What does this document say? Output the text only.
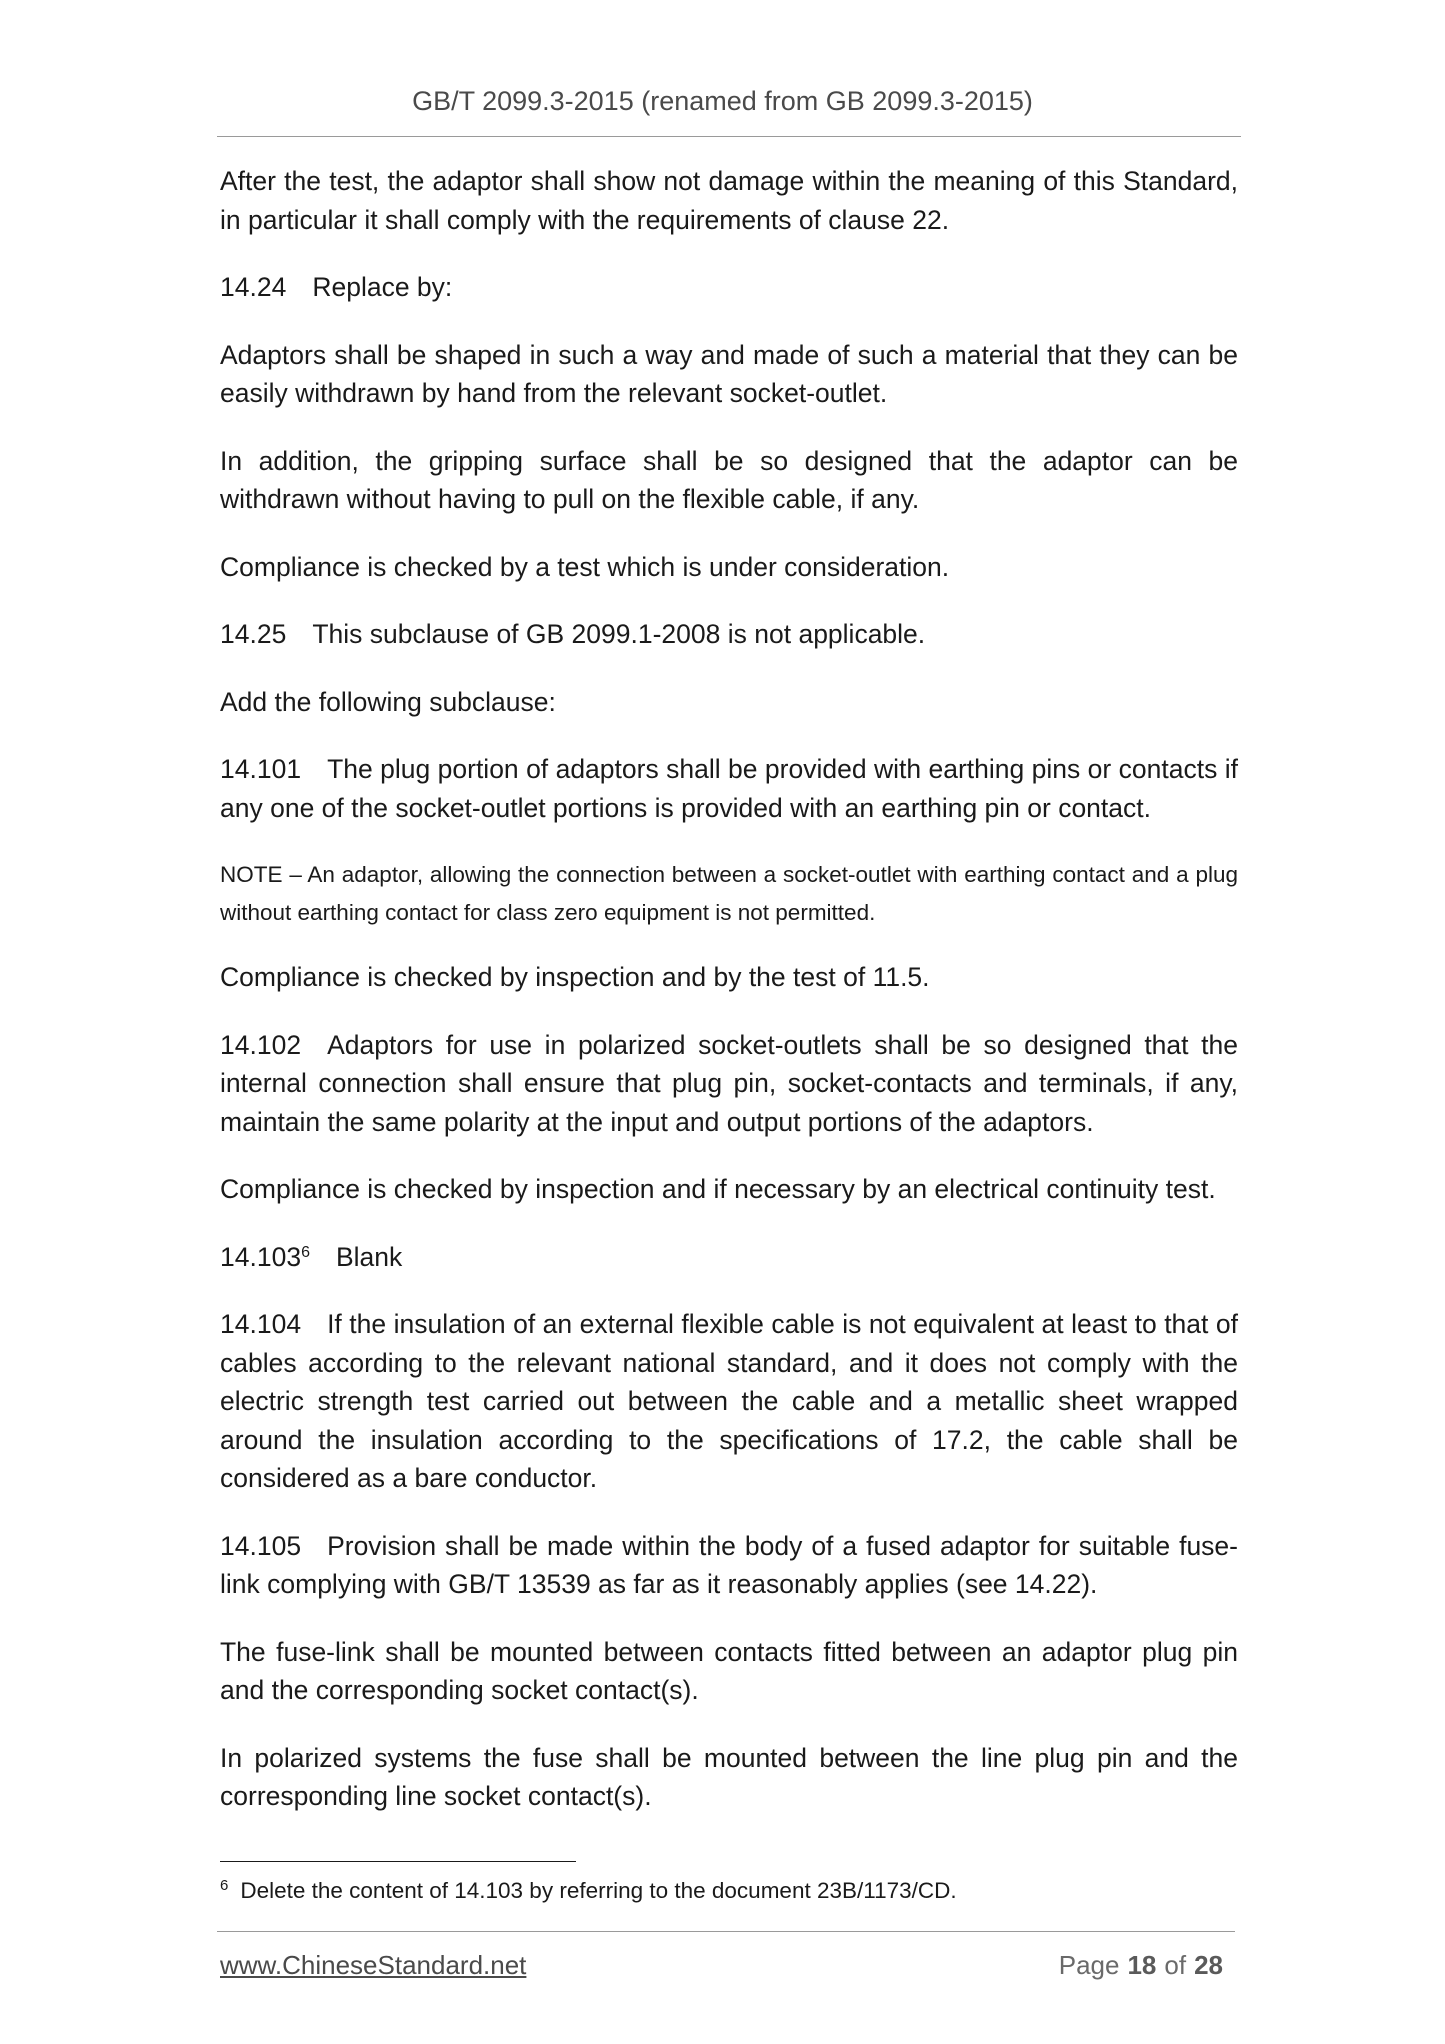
GB/T 2099.3-2015 (renamed from GB 2099.3-2015)

After the test, the adaptor shall show not damage within the meaning of this Standard, in particular it shall comply with the requirements of clause 22.

14.24 Replace by:

Adaptors shall be shaped in such a way and made of such a material that they can be easily withdrawn by hand from the relevant socket-outlet.

In addition, the gripping surface shall be so designed that the adaptor can be withdrawn without having to pull on the flexible cable, if any.

Compliance is checked by a test which is under consideration.

14.25 This subclause of GB 2099.1-2008 is not applicable.

Add the following subclause:

14.101 The plug portion of adaptors shall be provided with earthing pins or contacts if any one of the socket-outlet portions is provided with an earthing pin or contact.

NOTE – An adaptor, allowing the connection between a socket-outlet with earthing contact and a plug without earthing contact for class zero equipment is not permitted.

Compliance is checked by inspection and by the test of 11.5.

14.102 Adaptors for use in polarized socket-outlets shall be so designed that the internal connection shall ensure that plug pin, socket-contacts and terminals, if any, maintain the same polarity at the input and output portions of the adaptors.

Compliance is checked by inspection and if necessary by an electrical continuity test.

14.103$^6$ Blank

14.104 If the insulation of an external flexible cable is not equivalent at least to that of cables according to the relevant national standard, and it does not comply with the electric strength test carried out between the cable and a metallic sheet wrapped around the insulation according to the specifications of 17.2, the cable shall be considered as a bare conductor.

14.105 Provision shall be made within the body of a fused adaptor for suitable fuse-link complying with GB/T 13539 as far as it reasonably applies (see 14.22).

The fuse-link shall be mounted between contacts fitted between an adaptor plug pin and the corresponding socket contact(s).

In polarized systems the fuse shall be mounted between the line plug pin and the corresponding line socket contact(s).

$^6$ Delete the content of 14.103 by referring to the document 23B/1173/CD.
www.ChineseStandard.net	Page 18 of 28
